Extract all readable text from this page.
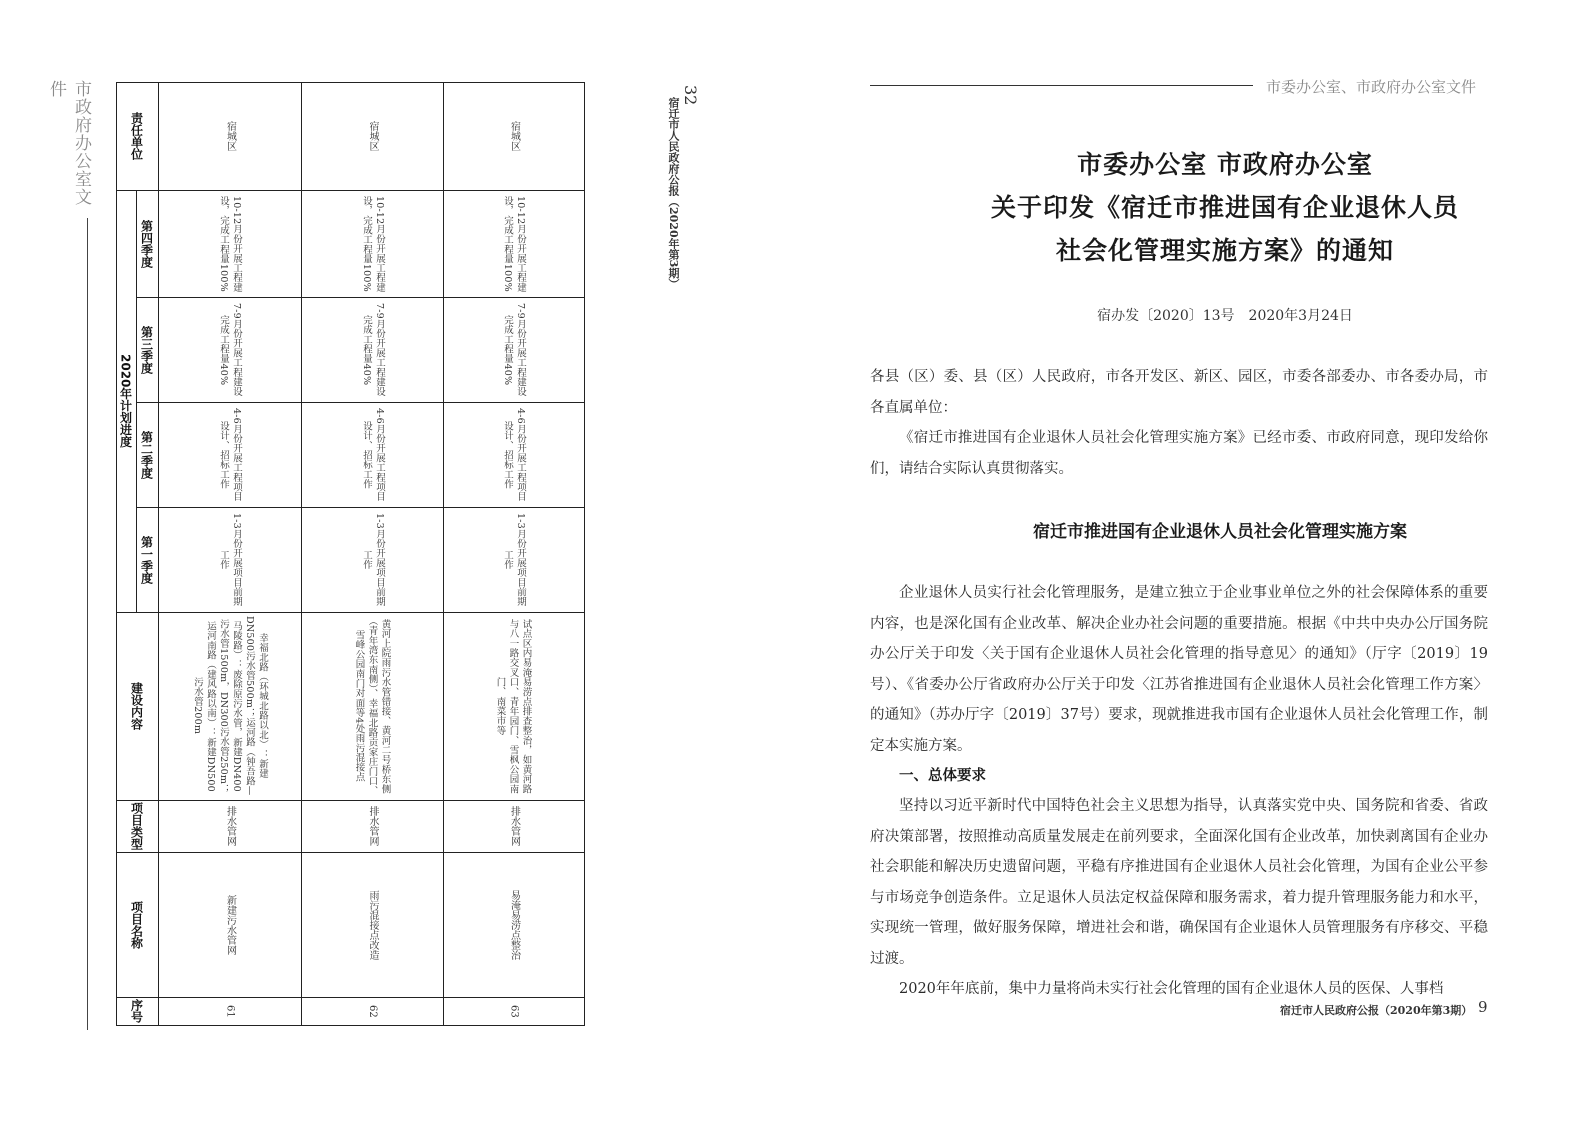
市政府办公室文件	32
宿迁市人民政府公报（2020年第3期）
责任单位
2020年计划进度
第四季度
第三季度
第二季度
第一季度
建设内容
项目类型
项目名称
序号
宿城区
10-12月份开展工程建设，完成工程量100%
7-9月份开展工程建设完成工程量40%
4-6月份开展工程项目设计、招标工作
1-3月份开展项目前期工作
幸福北路（环城北路以北）：新建DN500污水管500m；运河路（钟吾路—马陵路）：废除原污水管，新建DN400污水管1500m，DN300污水管250m；运河南路（建风路以南）：新建DN500污水管200m
排水管网
新建污水管网
61
宿城区
10-12月份开展工程建设，完成工程量100%
7-9月份开展工程建设完成工程量40%
4-6月份开展工程项目设计、招标工作
1-3月份开展项目前期工作
黄河上院雨污水管错接、黄河二号桥东侧（青年湾东南侧）、幸福北路贡家庄门口、雪峰公园南门对面等4处雨污混接点
排水管网
雨污混接点改造
62
宿城区
10-12月份开展工程建设，完成工程量100%
7-9月份开展工程建设完成工程量40%
4-6月份开展工程项目设计、招标工作
1-3月份开展项目前期工作
试点区内易淹易涝点排查整治，如黄河路与八一路交叉口、青年园门、雪枫公园南门、南菜市等
排水管网
易淹易涝点整治
63
市委办公室、市政府办公室文件
市委办公室 市政府办公室
关于印发《宿迁市推进国有企业退休人员
社会化管理实施方案》的通知
宿办发〔2020〕13号　2020年3月24日
各县（区）委、县（区）人民政府，市各开发区、新区、园区，市委各部委办、市各委办局，市各直属单位：
《宿迁市推进国有企业退休人员社会化管理实施方案》已经市委、市政府同意，现印发给你们，请结合实际认真贯彻落实。
宿迁市推进国有企业退休人员社会化管理实施方案
企业退休人员实行社会化管理服务，是建立独立于企业事业单位之外的社会保障体系的重要内容，也是深化国有企业改革、解决企业办社会问题的重要措施。根据《中共中央办公厅国务院办公厅关于印发〈关于国有企业退休人员社会化管理的指导意见〉的通知》（厅字〔2019〕19号）、《省委办公厅省政府办公厅关于印发〈江苏省推进国有企业退休人员社会化管理工作方案〉的通知》（苏办厅字〔2019〕37号）要求，现就推进我市国有企业退休人员社会化管理工作，制定本实施方案。
一、总体要求
坚持以习近平新时代中国特色社会主义思想为指导，认真落实党中央、国务院和省委、省政府决策部署，按照推动高质量发展走在前列要求，全面深化国有企业改革，加快剥离国有企业办社会职能和解决历史遗留问题，平稳有序推进国有企业退休人员社会化管理，为国有企业公平参与市场竞争创造条件。立足退休人员法定权益保障和服务需求，着力提升管理服务能力和水平，实现统一管理，做好服务保障，增进社会和谐，确保国有企业退休人员管理服务有序移交、平稳过渡。
2020年年底前，集中力量将尚未实行社会化管理的国有企业退休人员的医保、人事档
宿迁市人民政府公报（2020年第3期） 9
